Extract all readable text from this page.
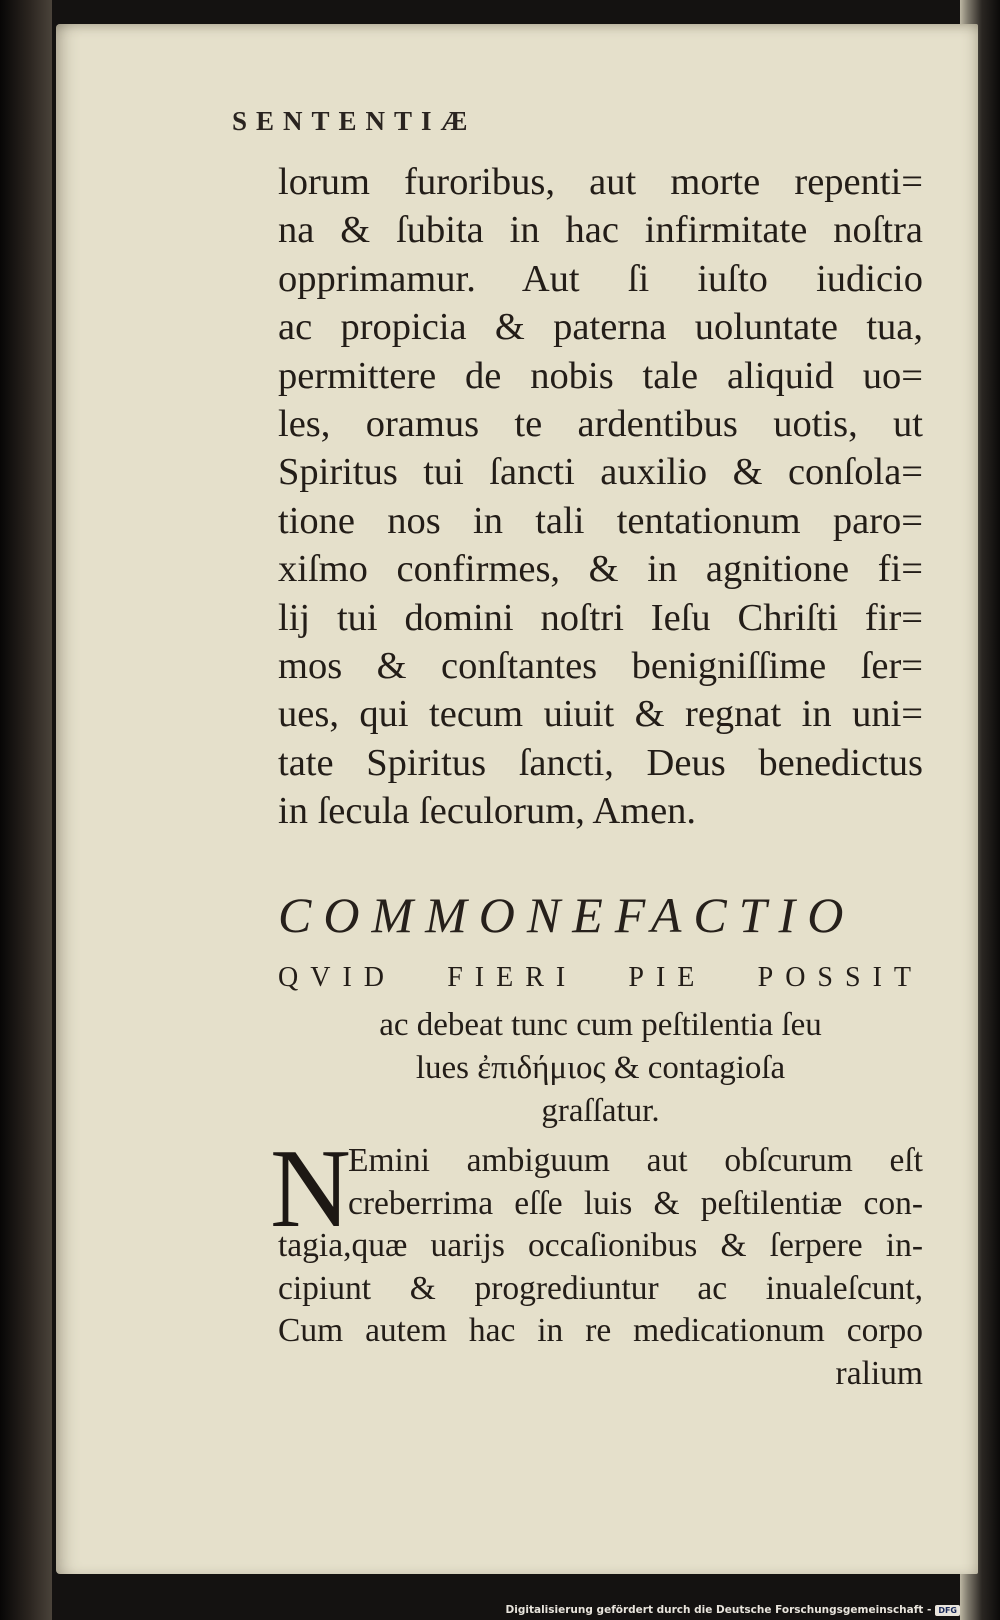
SENTENTIÆ
lorum furoribus, aut morte repenti=
na & ſubita in hac infirmitate noſtra
opprimamur. Aut ſi iuſto iudicio
ac propicia & paterna uoluntate tua,
permittere de nobis tale aliquid uo=
les, oramus te ardentibus uotis, ut
Spiritus tui ſancti auxilio & conſola=
tione nos in tali tentationum paro=
xiſmo confirmes, & in agnitione fi=
lij tui domini noſtri Ieſu Chriſti fir=
mos & conſtantes benigniſſime ſer=
ues, qui tecum uiuit & regnat in uni=
tate Spiritus ſancti, Deus benedictus
in ſecula ſeculorum, Amen.
COMMONEFACTIO
QVID FIERI PIE POSSIT
ac debeat tunc cum peſtilentia ſeu
lues ἐπιδήμιος & contagioſa
graſſatur.
N
Emini ambiguum aut obſcurum eſt
creberrima eſſe luis & peſtilentiæ con-
tagia,quæ uarijs occaſionibus & ſerpere in-
cipiunt & progrediuntur ac inualeſcunt,
Cum autem hac in re medicationum corpo
ralium
Digitalisierung gefördert durch die Deutsche Forschungsgemeinschaft - DFG
